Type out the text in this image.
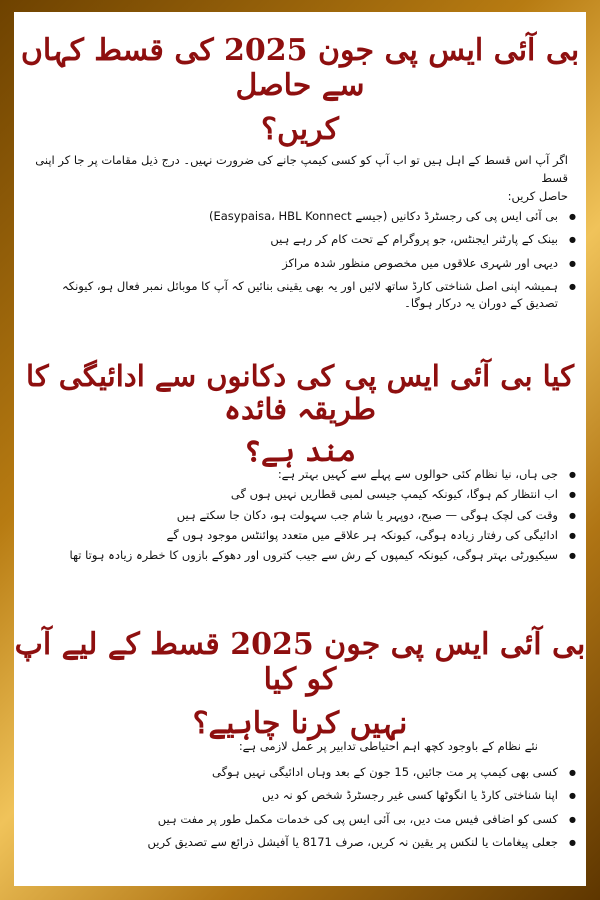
بی آئی ایس پی جون 2025 کی قسط کہاں سے حاصل
کریں؟

اگر آپ اس قسط کے اہل ہیں تو اب آپ کو کسی کیمپ جانے کی ضرورت نہیں۔ درج ذیل مقامات پر جا کر اپنی قسط
حاصل کریں:

● بی آئی ایس پی کی رجسٹرڈ دکانیں (جیسے Easypaisa، HBL Konnect)
● بینک کے پارٹنر ایجنٹس، جو پروگرام کے تحت کام کر رہے ہیں
● دیہی اور شہری علاقوں میں مخصوص منظور شدہ مراکز
● ہمیشہ اپنی اصل شناختی کارڈ ساتھ لائیں اور یہ بھی یقینی بنائیں کہ آپ کا موبائل نمبر فعال ہو، کیونکہ تصدیق کے دوران یہ درکار ہوگا۔
کیا بی آئی ایس پی کی دکانوں سے ادائیگی کا طریقہ فائدہ
مند ہے؟
● جی ہاں، نیا نظام کئی حوالوں سے پہلے سے کہیں بہتر ہے:
● اب انتظار کم ہوگا، کیونکہ کیمپ جیسی لمبی قطاریں نہیں ہوں گی
● وقت کی لچک ہوگی — صبح، دوپہر یا شام جب سہولت ہو، دکان جا سکتے ہیں
● ادائیگی کی رفتار زیادہ ہوگی، کیونکہ ہر علاقے میں متعدد پوائنٹس موجود ہوں گے
● سیکیورٹی بہتر ہوگی، کیونکہ کیمپوں کے رش سے جیب کتروں اور دھوکے بازوں کا خطرہ زیادہ ہوتا تھا
بی آئی ایس پی جون 2025 قسط کے لیے آپ کو کیا
نہیں کرنا چاہیے؟

نئے نظام کے باوجود کچھ اہم احتیاطی تدابیر پر عمل لازمی ہے:

● کسی بھی کیمپ پر مت جائیں، 15 جون کے بعد وہاں ادائیگی نہیں ہوگی
● اپنا شناختی کارڈ یا انگوٹھا کسی غیر رجسٹرڈ شخص کو نہ دیں
● کسی کو اضافی فیس مت دیں، بی آئی ایس پی کی خدمات مکمل طور پر مفت ہیں
● جعلی پیغامات یا لنکس پر یقین نہ کریں، صرف 8171 یا آفیشل ذرائع سے تصدیق کریں
